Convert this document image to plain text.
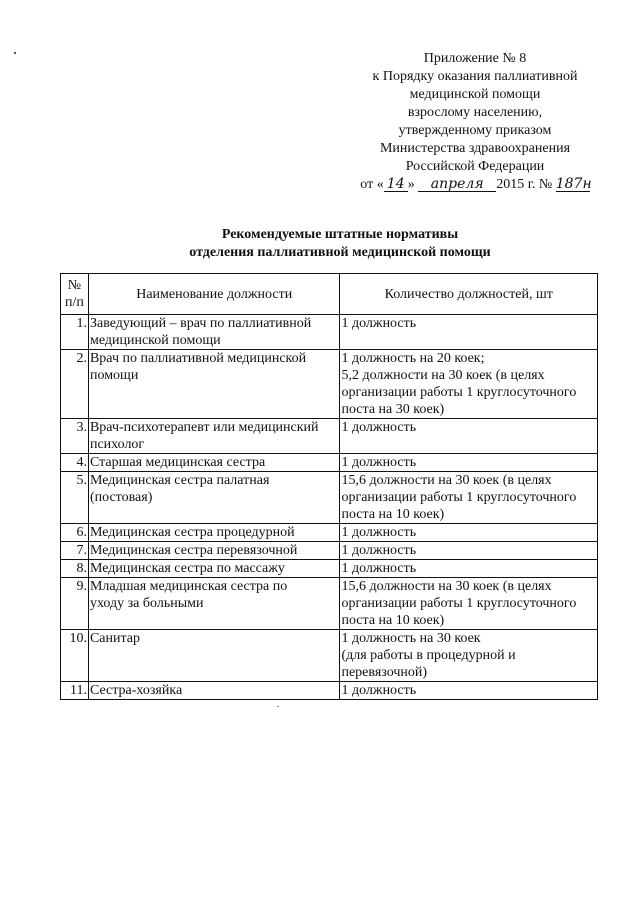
Приложение № 8
к Порядку оказания паллиативной
медицинской помощи
взрослому населению,
утвержденному приказом
Министерства здравоохранения
Российской Федерации
от « 14 » апреля 2015 г. № 187н
Рекомендуемые штатные нормативы
отделения паллиативной медицинской помощи
№
п/п	Наименование должности	Количество должностей, шт
1.	Заведующий – врач по паллиативной
медицинской помощи	1 должность

2.	Врач по паллиативной медицинской
помощи	1 должность на 20 коек;
5,2 должности на 30 коек (в целях
организации работы 1 круглосуточного
поста на 30 коек)

3.	Врач-психотерапевт или медицинский
психолог	1 должность

4.	Старшая медицинская сестра	1 должность

5.	Медицинская сестра палатная
(постовая)	15,6 должности на 30 коек (в целях
организации работы 1 круглосуточного
поста на 10 коек)

6.	Медицинская сестра процедурной	1 должность

7.	Медицинская сестра перевязочной	1 должность

8.	Медицинская сестра по массажу	1 должность

9.	Младшая медицинская сестра по
уходу за больными	15,6 должности на 30 коек (в целях
организации работы 1 круглосуточного
поста на 10 коек)

10.	Санитар	1 должность на 30 коек
(для работы в процедурной и
перевязочной)

11.	Сестра-хозяйка	1 должность
